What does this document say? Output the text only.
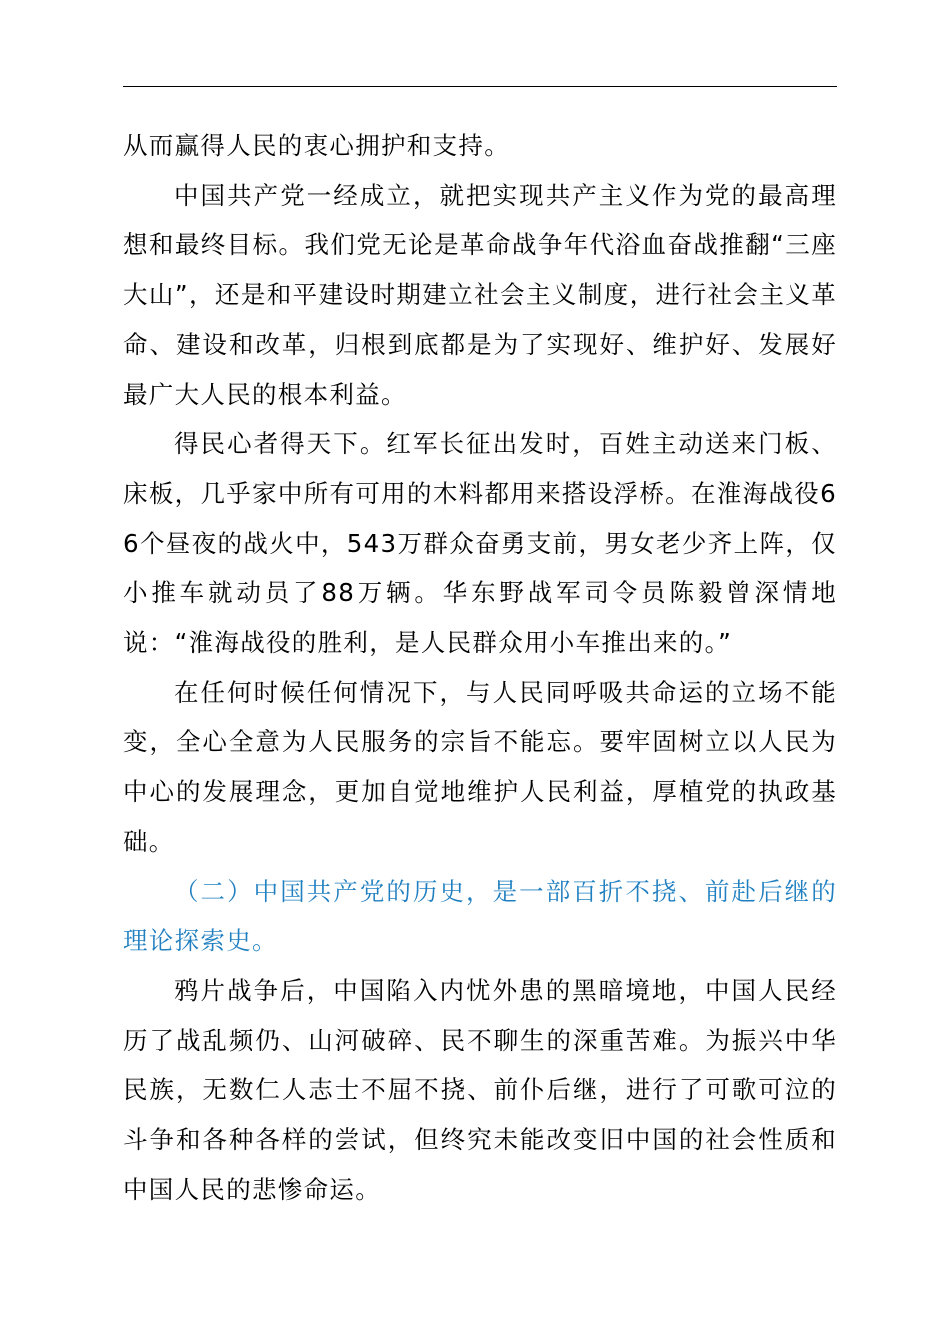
从而赢得人民的衷心拥护和支持。

中国共产党一经成立，就把实现共产主义作为党的最高理想和最终目标。我们党无论是革命战争年代浴血奋战推翻“三座大山”，还是和平建设时期建立社会主义制度，进行社会主义革命、建设和改革，归根到底都是为了实现好、维护好、发展好最广大人民的根本利益。

得民心者得天下。红军长征出发时，百姓主动送来门板、床板，几乎家中所有可用的木料都用来搭设浮桥。在淮海战役66个昼夜的战火中，543万群众奋勇支前，男女老少齐上阵，仅小推车就动员了88万辆。华东野战军司令员陈毅曾深情地说：“淮海战役的胜利，是人民群众用小车推出来的。”

在任何时候任何情况下，与人民同呼吸共命运的立场不能变，全心全意为人民服务的宗旨不能忘。要牢固树立以人民为中心的发展理念，更加自觉地维护人民利益，厚植党的执政基础。

（二）中国共产党的历史，是一部百折不挠、前赴后继的理论探索史。

鸦片战争后，中国陷入内忧外患的黑暗境地，中国人民经历了战乱频仍、山河破碎、民不聊生的深重苦难。为振兴中华民族，无数仁人志士不屈不挠、前仆后继，进行了可歌可泣的斗争和各种各样的尝试，但终究未能改变旧中国的社会性质和中国人民的悲惨命运。
